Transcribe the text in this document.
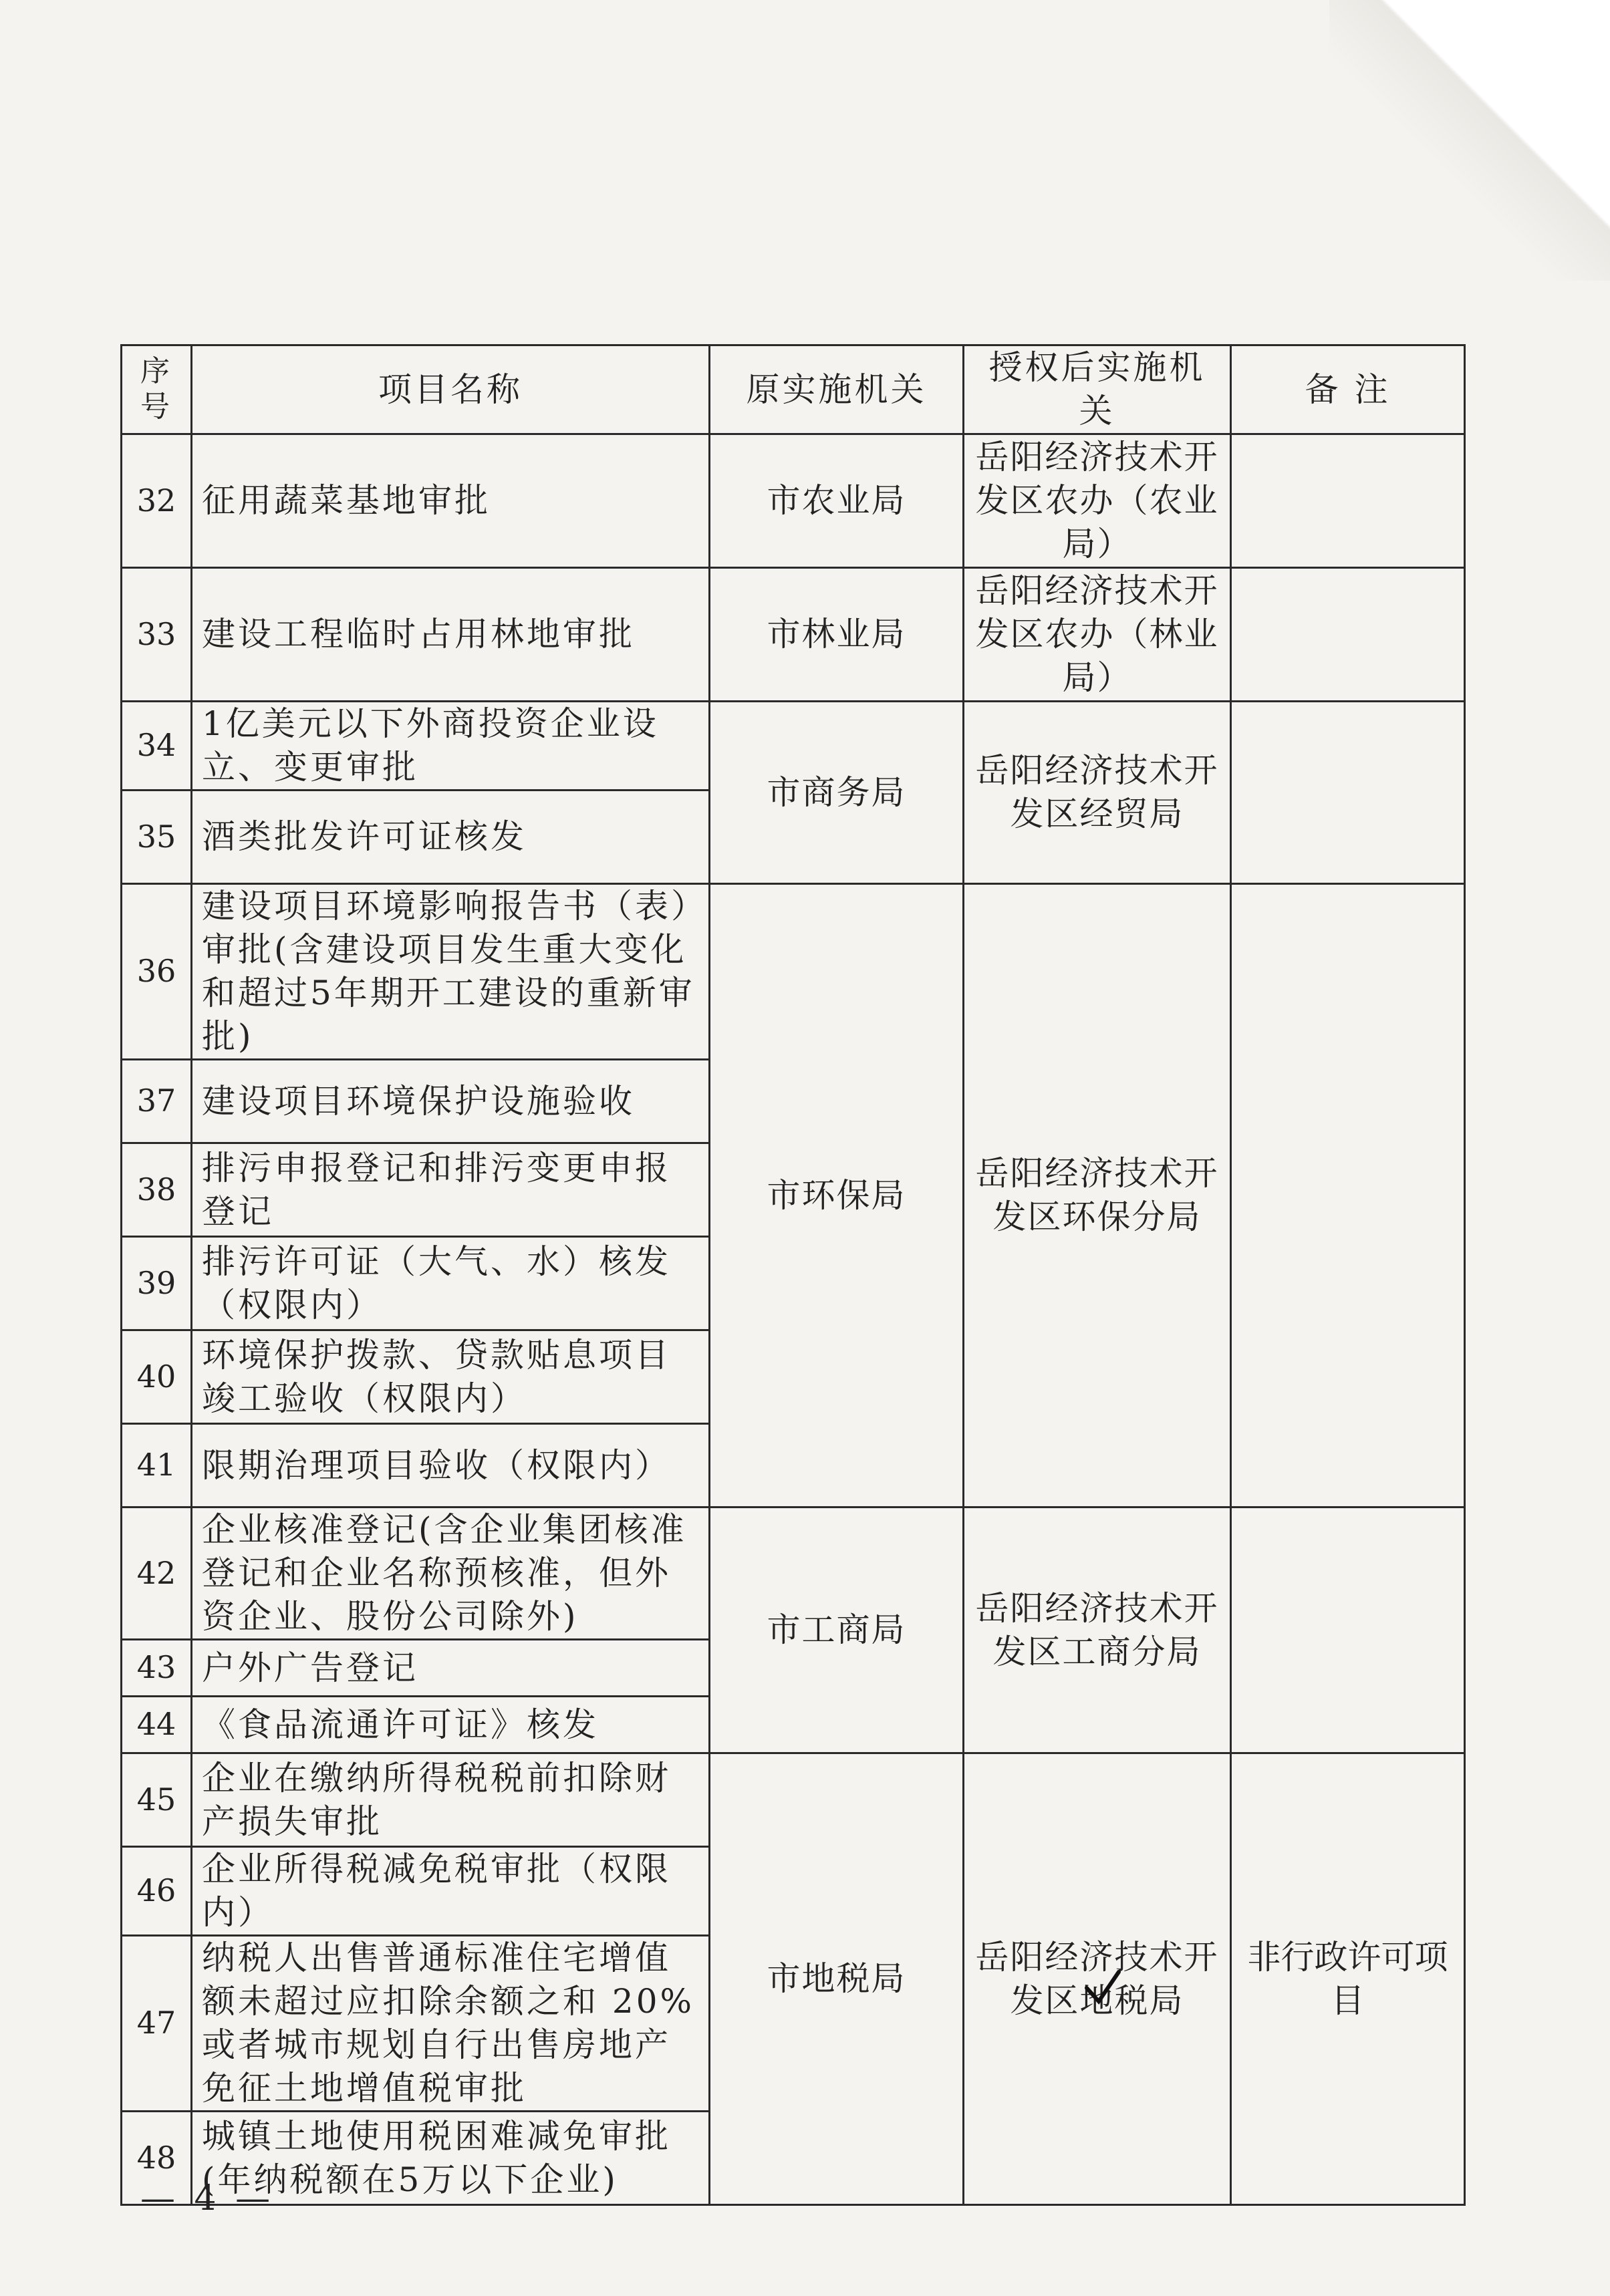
序号	项目名称	原实施机关	授权后实施机关	备 注
32	征用蔬菜基地审批	市农业局	岳阳经济技术开发区农办（农业局）	
33	建设工程临时占用林地审批	市林业局	岳阳经济技术开发区农办（林业局）	
34	1亿美元以下外商投资企业设立、变更审批	市商务局	岳阳经济技术开发区经贸局	
35	酒类批发许可证核发			
36	建设项目环境影响报告书（表）审批(含建设项目发生重大变化和超过5年期开工建设的重新审批)	市环保局	岳阳经济技术开发区环保分局	
37	建设项目环境保护设施验收			
38	排污申报登记和排污变更申报登记			
39	排污许可证（大气、水）核发（权限内）			
40	环境保护拨款、贷款贴息项目竣工验收（权限内）			
41	限期治理项目验收（权限内）			
42	企业核准登记(含企业集团核准登记和企业名称预核准，但外资企业、股份公司除外)	市工商局	岳阳经济技术开发区工商分局	
43	户外广告登记			
44	《食品流通许可证》核发			
45	企业在缴纳所得税税前扣除财产损失审批	市地税局	岳阳经济技术开发区地税局	非行政许可项目
46	企业所得税减免税审批（权限内）			
47	纳税人出售普通标准住宅增值额未超过应扣除余额之和 20%或者城市规划自行出售房地产免征土地增值税审批			
48	城镇土地使用税困难减免审批(年纳税额在5万以下企业)			
— 4 —
